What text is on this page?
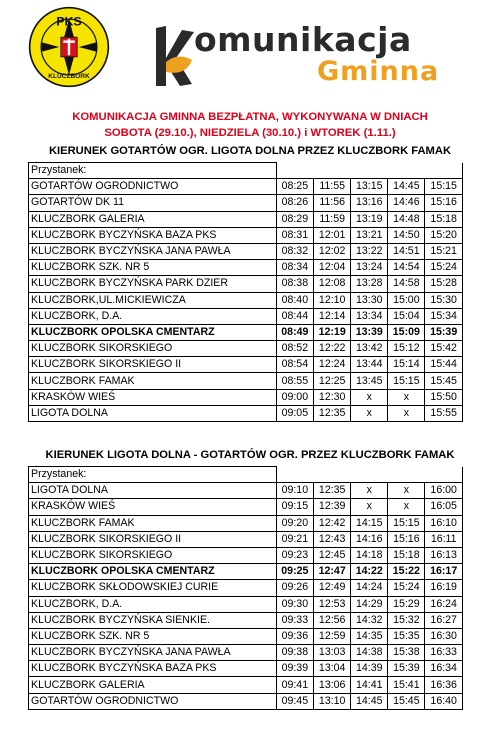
PKS
KLUCZBORK
omunikacja
Gminna
KOMUNIKACJA GMINNA BEZPŁATNA, WYKONYWANA W DNIACH
SOBOTA (29.10.), NIEDZIELA (30.10.) i WTOREK (1.11.)
KIERUNEK GOTARTÓW OGR. LIGOTA DOLNA PRZEZ KLUCZBORK FAMAK
Przystanek:					
GOTARTÓW OGRODNICTWO	08:25	11:55	13:15	14:45	15:15
GOTARTÓW DK 11	08:26	11:56	13:16	14:46	15:16
KLUCZBORK GALERIA	08:29	11:59	13:19	14:48	15:18
KLUCZBORK BYCZYŃSKA BAZA PKS	08:31	12:01	13:21	14:50	15:20
KLUCZBORK BYCZYŃSKA JANA PAWŁA	08:32	12:02	13:22	14:51	15:21
KLUCZBORK SZK. NR 5	08:34	12:04	13:24	14:54	15:24
KLUCZBORK BYCZYŃSKA PARK DZIER	08:38	12:08	13:28	14:58	15:28
KLUCZBORK,UL.MICKIEWICZA	08:40	12:10	13:30	15:00	15:30
KLUCZBORK, D.A.	08:44	12:14	13:34	15:04	15:34
KLUCZBORK OPOLSKA CMENTARZ	08:49	12:19	13:39	15:09	15:39
KLUCZBORK SIKORSKIEGO	08:52	12:22	13:42	15:12	15:42
KLUCZBORK SIKORSKIEGO II	08:54	12:24	13:44	15:14	15:44
KLUCZBORK FAMAK	08:55	12:25	13:45	15:15	15:45
KRASKÓW WIEŚ	09:00	12:30	x	x	15:50
LIGOTA DOLNA	09:05	12:35	x	x	15:55
KIERUNEK LIGOTA DOLNA - GOTARTÓW OGR. PRZEZ KLUCZBORK FAMAK
Przystanek:					
LIGOTA DOLNA	09:10	12:35	x	x	16:00
KRASKÓW WIEŚ	09:15	12:39	x	x	16:05
KLUCZBORK FAMAK	09:20	12:42	14:15	15:15	16:10
KLUCZBORK SIKORSKIEGO II	09:21	12:43	14:16	15:16	16:11
KLUCZBORK SIKORSKIEGO	09:23	12:45	14:18	15:18	16:13
KLUCZBORK OPOLSKA CMENTARZ	09:25	12:47	14:22	15:22	16:17
KLUCZBORK SKŁODOWSKIEJ CURIE	09:26	12:49	14:24	15:24	16:19
KLUCZBORK, D.A.	09:30	12:53	14:29	15:29	16:24
KLUCZBORK BYCZYŃSKA SIENKIE.	09:33	12:56	14:32	15:32	16:27
KLUCZBORK SZK. NR 5	09:36	12:59	14:35	15:35	16:30
KLUCZBORK BYCZYŃSKA JANA PAWŁA	09:38	13:03	14:38	15:38	16:33
KLUCZBORK BYCZYŃSKA BAZA PKS	09:39	13:04	14:39	15:39	16:34
KLUCZBORK GALERIA	09:41	13:06	14:41	15:41	16:36
GOTARTÓW OGRODNICTWO	09:45	13:10	14:45	15:45	16:40
